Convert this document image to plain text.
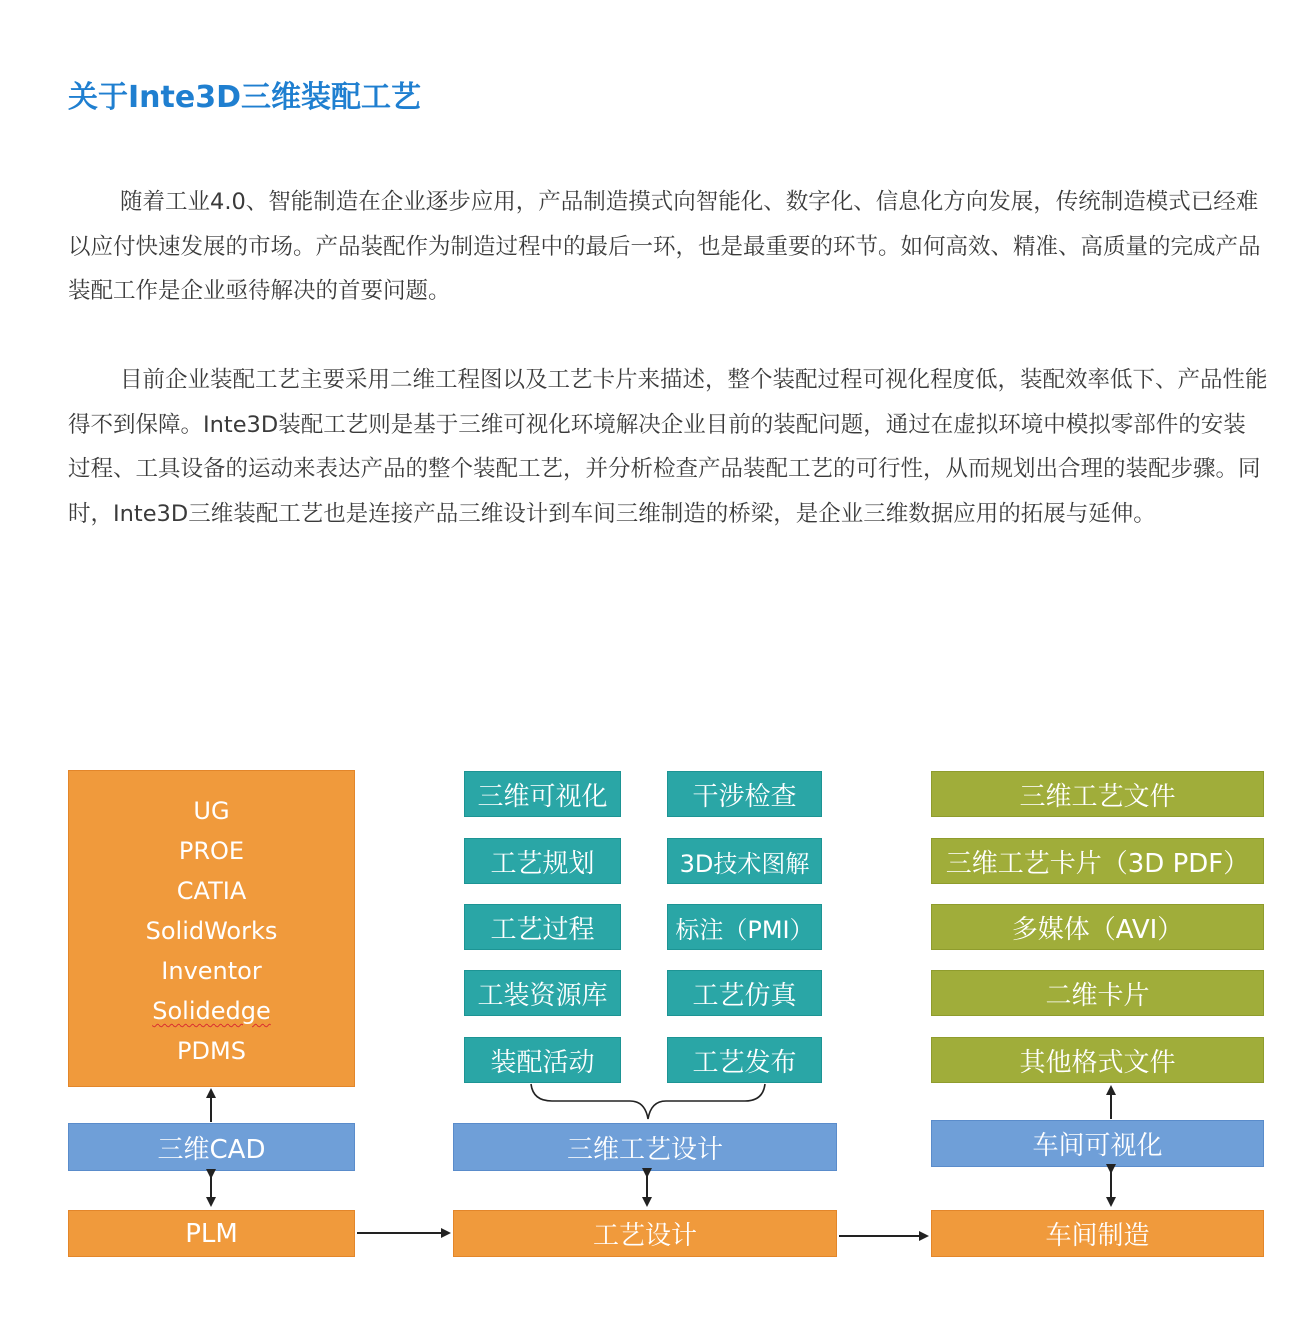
关于Inte3D三维装配工艺

随着工业4.0、智能制造在企业逐步应用，产品制造摸式向智能化、数字化、信息化方向发展，传统制造模式已经难以应付快速发展的市场。产品装配作为制造过程中的最后一环，也是最重要的环节。如何高效、精准、高质量的完成产品装配工作是企业亟待解决的首要问题。

目前企业装配工艺主要采用二维工程图以及工艺卡片来描述，整个装配过程可视化程度低，装配效率低下、产品性能得不到保障。Inte3D装配工艺则是基于三维可视化环境解决企业目前的装配问题，通过在虚拟环境中模拟零部件的安装过程、工具设备的运动来表达产品的整个装配工艺，并分析检查产品装配工艺的可行性，从而规划出合理的装配步骤。同时，Inte3D三维装配工艺也是连接产品三维设计到车间三维制造的桥梁，是企业三维数据应用的拓展与延伸。

UG
PROE
CATIA
SolidWorks
Inventor
Solidedge
PDMS
三维CAD
PLM
三维可视化
工艺规划
工艺过程
工装资源库
装配活动
干涉检查
3D技术图解
标注（PMI）
工艺仿真
工艺发布
三维工艺设计
工艺设计
三维工艺文件
三维工艺卡片（3D PDF）
多媒体（AVI）
二维卡片
其他格式文件
车间可视化
车间制造
